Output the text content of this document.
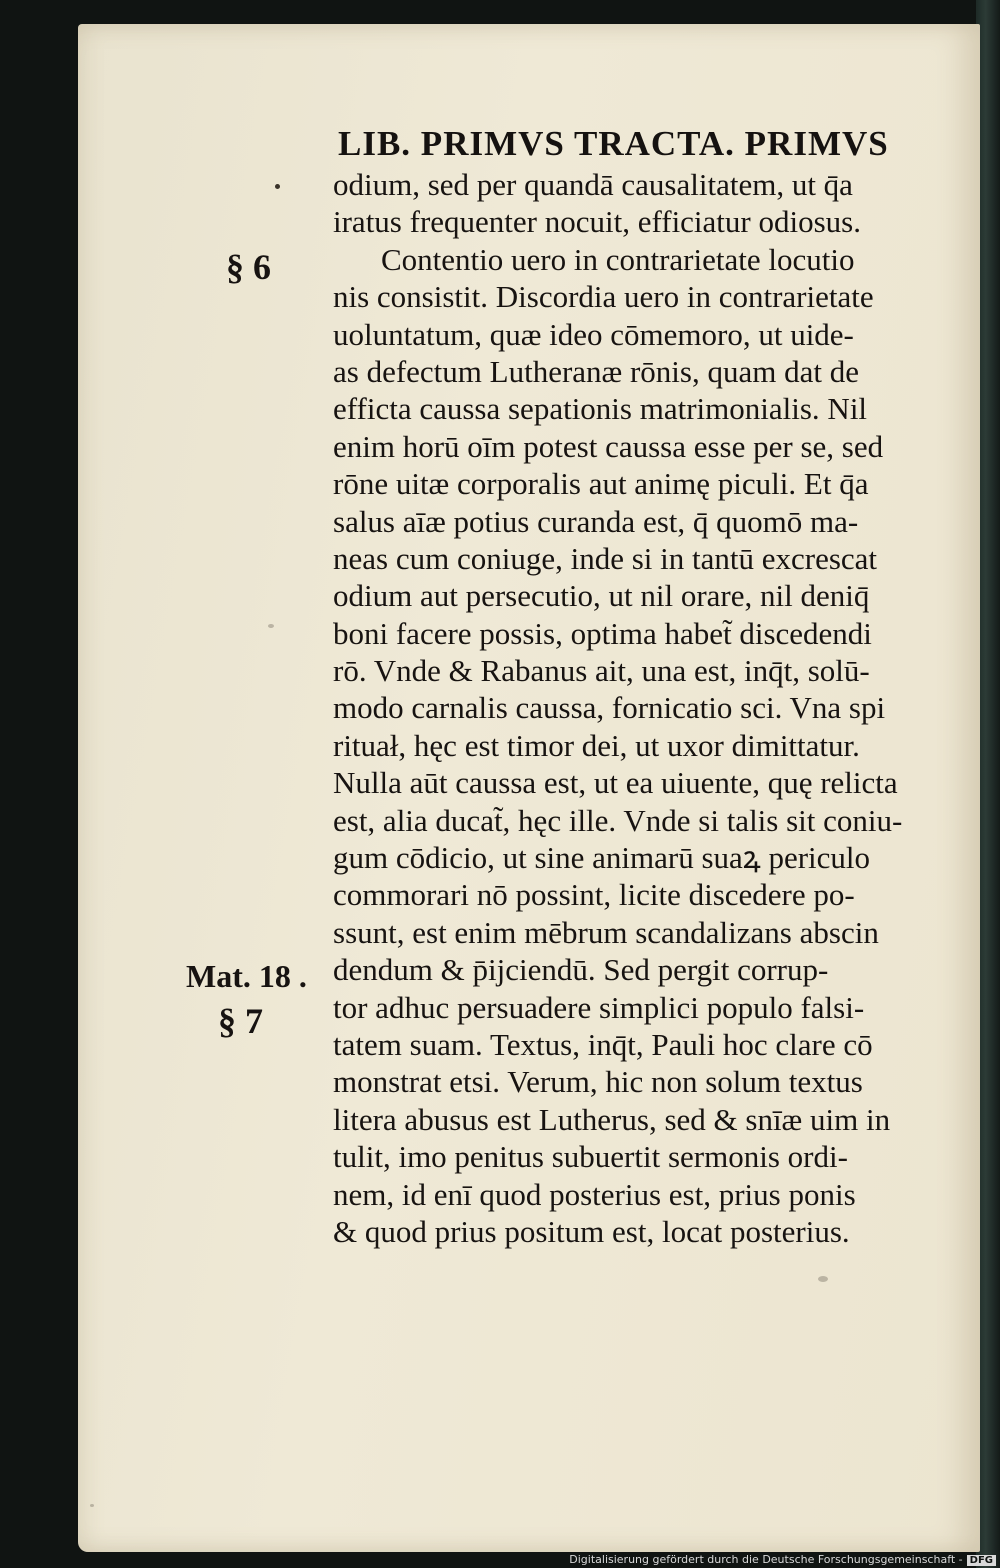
LIB. PRIMVS TRACTA. PRIMVS
§ 6
Mat. 18 .
§ 7
odium, sed per quandā causalitatem, ut q̄a
iratus frequenter nocuit, efficiatur odiosus.
Contentio uero in contrarietate locutio
nis consistit. Discordia uero in contrarietate
uoluntatum, quæ ideo cōmemoro, ut uide-
as defectum Lutheranæ rōnis, quam dat de
efficta caussa sepationis matrimonialis. Nil
enim horū oīm potest caussa esse per se, sed
rōne uitæ corporalis aut animę piculi. Et q̄a
salus aīæ potius curanda est, q̄ quomō ma-
neas cum coniuge, inde si in tantū excrescat
odium aut persecutio, ut nil orare, nil deniq̄
boni facere possis, optima habet̃ discedendi
rō. Vnde & Rabanus ait, una est, inq̄t, solū-
modo carnalis caussa, fornicatio sci. Vna spi
rituał, hęc est timor dei, ut uxor dimittatur.
Nulla aūt caussa est, ut ea uiuente, quę relicta
est, alia ducat̃, hęc ille. Vnde si talis sit coniu-
gum cōdicio, ut sine animarū suaꝝ periculo
commorari nō possint, licite discedere po-
ssunt, est enim mēbrum scandalizans abscin
dendum & p̄ijciendū. Sed pergit corrup-
tor adhuc persuadere simplici populo falsi-
tatem suam. Textus, inq̄t, Pauli hoc clare cō
monstrat etsi. Verum, hic non solum textus
litera abusus est Lutherus, sed & snīæ uim in
tulit, imo penitus subuertit sermonis ordi-
nem, id enī quod posterius est, prius ponis
& quod prius positum est, locat posterius.
Digitalisierung gefördert durch die Deutsche Forschungsgemeinschaft - DFG
